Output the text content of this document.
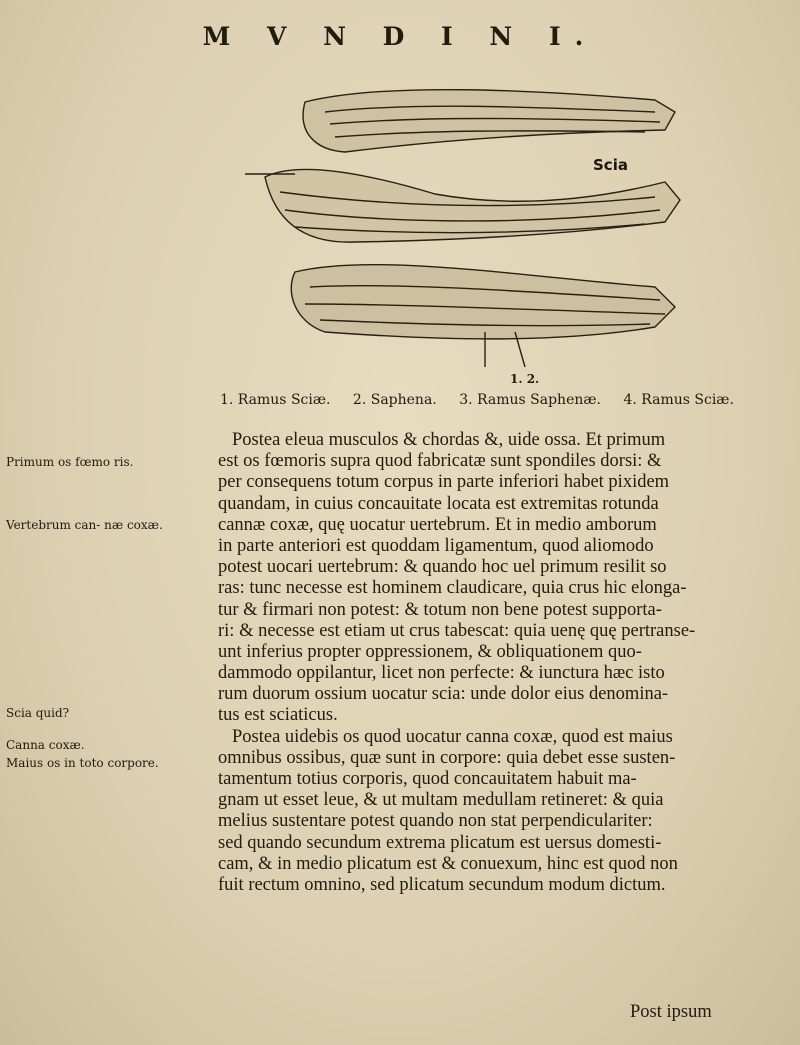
M V N D I N I.
Scia
1. 2.
1. Ramus Sciæ. 2. Saphena. 3. Ramus Saphenæ. 4. Ramus Sciæ.
Primum os fœmo ris.
Vertebrum can- næ coxæ.
Scia quid?
Canna coxæ.
Maius os in toto corpore.
Postea eleua musculos & chordas &, uide ossa. Et primum
est os fœmoris supra quod fabricatæ sunt spondiles dorsi: &
per consequens totum corpus in parte inferiori habet pixidem
quandam, in cuius concauitate locata est extremitas rotunda
cannæ coxæ, quę uocatur uertebrum. Et in medio amborum
in parte anteriori est quoddam ligamentum, quod aliomodo
potest uocari uertebrum: & quando hoc uel primum resilit so
ras: tunc necesse est hominem claudicare, quia crus hic elonga-
tur & firmari non potest: & totum non bene potest supporta-
ri: & necesse est etiam ut crus tabescat: quia uenę quę pertranse-
unt inferius propter oppressionem, & obliquationem quo-
dammodo oppilantur, licet non perfecte: & iunctura hæc isto
rum duorum ossium uocatur scia: unde dolor eius denomina-
tus est sciaticus.
Postea uidebis os quod uocatur canna coxæ, quod est maius
omnibus ossibus, quæ sunt in corpore: quia debet esse susten-
tamentum totius corporis, quod concauitatem habuit ma-
gnam ut esset leue, & ut multam medullam retineret: & quia
melius sustentare potest quando non stat perpendiculariter:
sed quando secundum extrema plicatum est uersus domesti-
cam, & in medio plicatum est & conuexum, hinc est quod non
fuit rectum omnino, sed plicatum secundum modum dictum.
Post ipsum
